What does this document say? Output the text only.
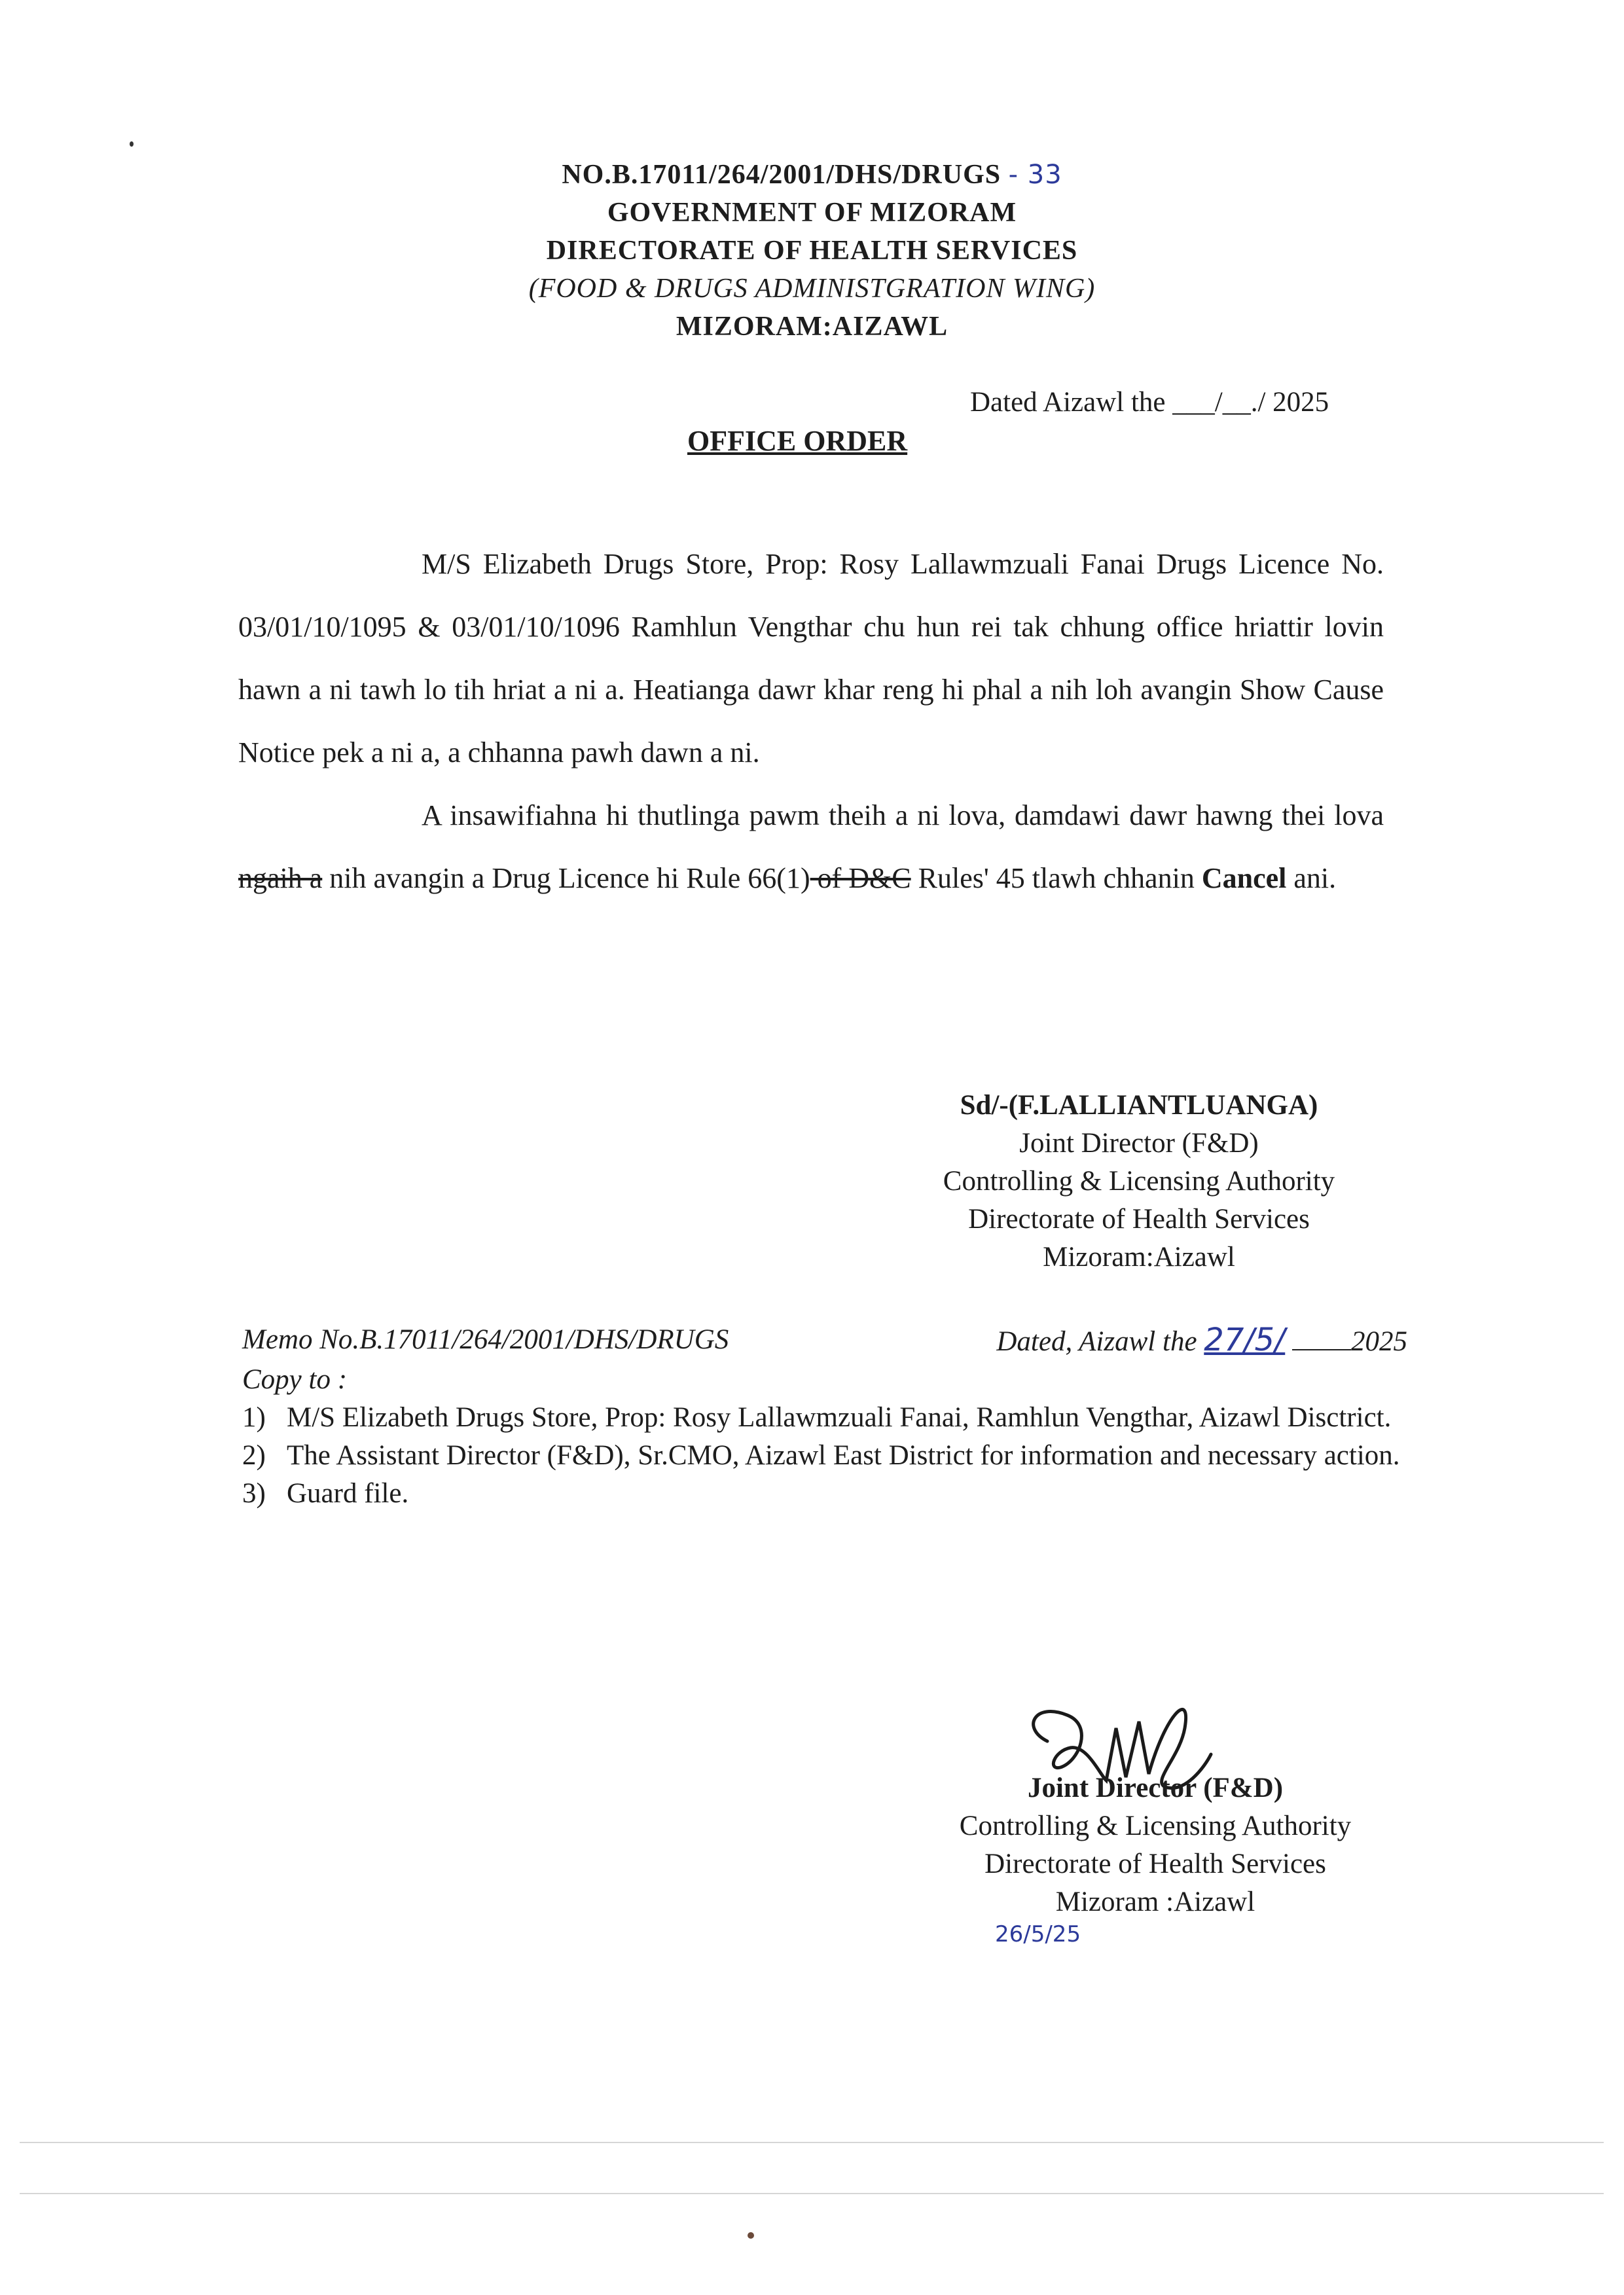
NO.B.17011/264/2001/DHS/DRUGS - 33
GOVERNMENT OF MIZORAM
DIRECTORATE OF HEALTH SERVICES
(FOOD & DRUGS ADMINISTGRATION WING)
MIZORAM:AIZAWL
Dated Aizawl the ___/__./ 2025
OFFICE ORDER

M/S Elizabeth Drugs Store, Prop: Rosy Lallawmzuali Fanai Drugs Licence No. 03/01/10/1095 & 03/01/10/1096 Ramhlun Vengthar chu hun rei tak chhung office hriattir lovin hawn a ni tawh lo tih hriat a ni a. Heatianga dawr khar reng hi phal a nih loh avangin Show Cause Notice pek a ni a, a chhanna pawh dawn a ni.

A insawifiahna hi thutlinga pawm theih a ni lova, damdawi dawr hawng thei lova ngaih a nih avangin a Drug Licence hi Rule 66(1) of D&C Rules' 45 tlawh chhanin Cancel ani.

Sd/-(F.LALLIANTLUANGA)
Joint Director (F&D)
Controlling & Licensing Authority
Directorate of Health Services
Mizoram:Aizawl
Memo No.B.17011/264/2001/DHS/DRUGS	Dated, Aizawl the 27/5/ 2025
Copy to :
1) M/S Elizabeth Drugs Store, Prop: Rosy Lallawmzuali Fanai, Ramhlun Vengthar, Aizawl Disctrict.
2) The Assistant Director (F&D), Sr.CMO, Aizawl East District for information and necessary action.
3) Guard file.
Joint Director (F&D)
Controlling & Licensing Authority
Directorate of Health Services
Mizoram :Aizawl
26/5/25
